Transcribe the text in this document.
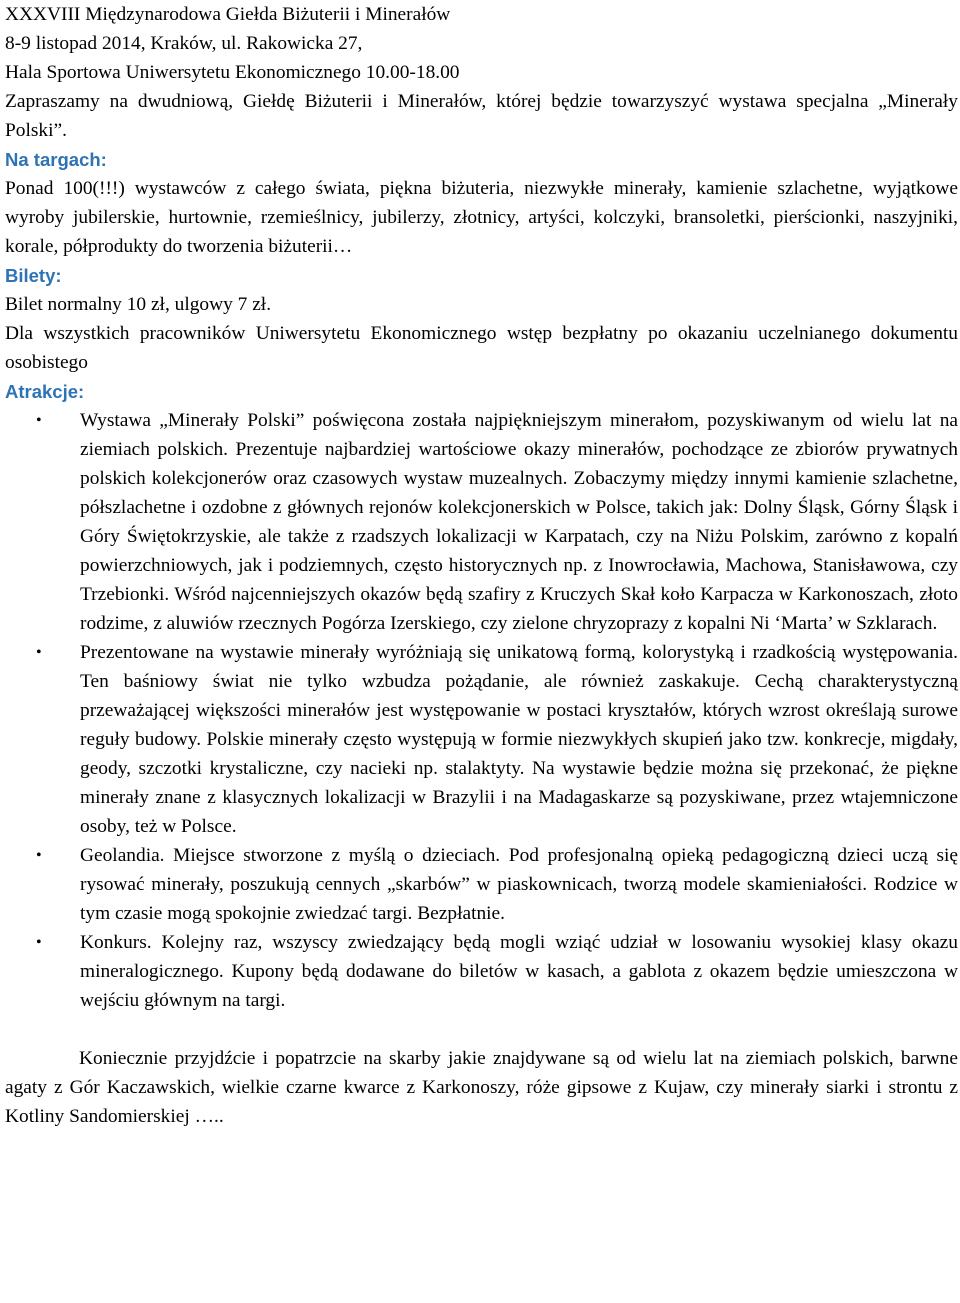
XXXVIII Międzynarodowa Giełda Biżuterii i Minerałów

8-9 listopad 2014, Kraków, ul. Rakowicka 27,

Hala Sportowa Uniwersytetu Ekonomicznego 10.00-18.00

Zapraszamy na dwudniową, Giełdę Biżuterii i Minerałów, której będzie towarzyszyć wystawa specjalna „Minerały Polski”.

Na targach:

Ponad 100(!!!) wystawców z całego świata, piękna biżuteria, niezwykłe minerały, kamienie szlachetne, wyjątkowe wyroby jubilerskie, hurtownie, rzemieślnicy, jubilerzy, złotnicy, artyści, kolczyki, bransoletki, pierścionki, naszyjniki, korale, półprodukty do tworzenia biżuterii…

Bilety:

Bilet normalny 10 zł, ulgowy 7 zł.

Dla wszystkich pracowników Uniwersytetu Ekonomicznego wstęp bezpłatny po okazaniu uczelnianego dokumentu osobistego

Atrakcje:

• Wystawa „Minerały Polski” poświęcona została najpiękniejszym minerałom, pozyskiwanym od wielu lat na ziemiach polskich. Prezentuje najbardziej wartościowe okazy minerałów, pochodzące ze zbiorów prywatnych polskich kolekcjonerów oraz czasowych wystaw muzealnych. Zobaczymy między innymi kamienie szlachetne, półszlachetne i ozdobne z głównych rejonów kolekcjonerskich w Polsce, takich jak: Dolny Śląsk, Górny Śląsk i Góry Świętokrzyskie, ale także z rzadszych lokalizacji w Karpatach, czy na Niżu Polskim, zarówno z kopalń powierzchniowych, jak i podziemnych, często historycznych np. z Inowrocławia, Machowa, Stanisławowa, czy Trzebionki. Wśród najcenniejszych okazów będą szafiry z Kruczych Skał koło Karpacza w Karkonoszach, złoto rodzime, z aluwiów rzecznych Pogórza Izerskiego, czy zielone chryzoprazy z kopalni Ni ‘Marta’ w Szklarach.
• Prezentowane na wystawie minerały wyróżniają się unikatową formą, kolorystyką i rzadkością występowania. Ten baśniowy świat nie tylko wzbudza pożądanie, ale również zaskakuje. Cechą charakterystyczną przeważającej większości minerałów jest występowanie w postaci kryształów, których wzrost określają surowe reguły budowy. Polskie minerały często występują w formie niezwykłych skupień jako tzw. konkrecje, migdały, geody, szczotki krystaliczne, czy nacieki np. stalaktyty. Na wystawie będzie można się przekonać, że piękne minerały znane z klasycznych lokalizacji w Brazylii i na Madagaskarze są pozyskiwane, przez wtajemniczone osoby, też w Polsce.
• Geolandia. Miejsce stworzone z myślą o dzieciach. Pod profesjonalną opieką pedagogiczną dzieci uczą się rysować minerały, poszukują cennych „skarbów” w piaskownicach, tworzą modele skamieniałości. Rodzice w tym czasie mogą spokojnie zwiedzać targi. Bezpłatnie.
• Konkurs. Kolejny raz, wszyscy zwiedzający będą mogli wziąć udział w losowaniu wysokiej klasy okazu mineralogicznego. Kupony będą dodawane do biletów w kasach, a gablota z okazem będzie umieszczona w wejściu głównym na targi.

Koniecznie przyjdźcie i popatrzcie na skarby jakie znajdywane są od wielu lat na ziemiach polskich, barwne agaty z Gór Kaczawskich, wielkie czarne kwarce z Karkonoszy, róże gipsowe z Kujaw, czy minerały siarki i strontu z Kotliny Sandomierskiej …..
